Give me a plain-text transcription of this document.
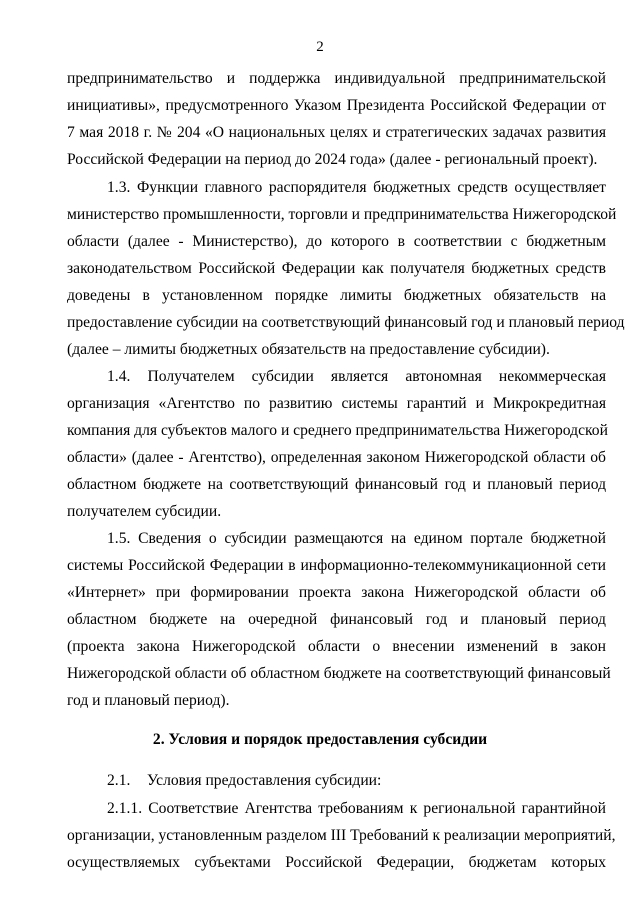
2
предпринимательство и поддержка индивидуальной предпринимательской
инициативы», предусмотренного Указом Президента Российской Федерации от
7 мая 2018 г. № 204 «О национальных целях и стратегических задачах развития
Российской Федерации на период до 2024 года» (далее - региональный проект).
1.3. Функции главного распорядителя бюджетных средств осуществляет
министерство промышленности, торговли и предпринимательства Нижегородской
области (далее - Министерство), до которого в соответствии с бюджетным
законодательством Российской Федерации как получателя бюджетных средств
доведены в установленном порядке лимиты бюджетных обязательств на
предоставление субсидии на соответствующий финансовый год и плановый период
(далее – лимиты бюджетных обязательств на предоставление субсидии).
1.4. Получателем субсидии является автономная некоммерческая
организация «Агентство по развитию системы гарантий и Микрокредитная
компания для субъектов малого и среднего предпринимательства Нижегородской
области» (далее - Агентство), определенная законом Нижегородской области об
областном бюджете на соответствующий финансовый год и плановый период
получателем субсидии.
1.5. Сведения о субсидии размещаются на едином портале бюджетной
системы Российской Федерации в информационно-телекоммуникационной сети
«Интернет» при формировании проекта закона Нижегородской области об
областном бюджете на очередной финансовый год и плановый период
(проекта закона Нижегородской области о внесении изменений в закон
Нижегородской области об областном бюджете на соответствующий финансовый
год и плановый период).
2. Условия и порядок предоставления субсидии
2.1. Условия предоставления субсидии:
2.1.1. Соответствие Агентства требованиям к региональной гарантийной
организации, установленным разделом III Требований к реализации мероприятий,
осуществляемых субъектами Российской Федерации, бюджетам которых
